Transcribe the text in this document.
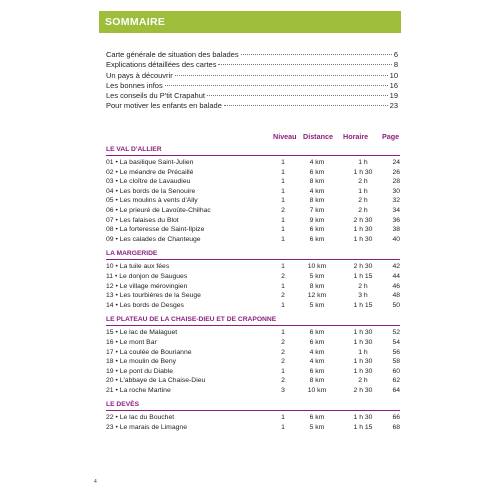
SOMMAIRE
Carte générale de situation des balades	6
Explications détaillées des cartes	8
Un pays à découvrir	10
Les bonnes infos	16
Les conseils du P'tit Crapahut	19
Pour motiver les enfants en balade	23
Niveau Distance Horaire Page
LE VAL D'ALLIER
01 • La basilique Saint-Julien	1	4 km	1 h	24
02 • Le méandre de Précaillé	1	6 km	1 h 30	26
03 • Le cloître de Lavaudieu	1	8 km	2 h	28
04 • Les bords de la Senouire	1	4 km	1 h	30
05 • Les moulins à vents d'Ally	1	8 km	2 h	32
06 • Le prieuré de Lavoûte-Chilhac	2	7 km	2 h	34
07 • Les falaises du Blot	1	9 km	2 h 30	36
08 • La forteresse de Saint-Ilpize	1	6 km	1 h 30	38
09 • Les calades de Chanteuge	1	6 km	1 h 30	40
LA MARGERIDE
10 • La tuile aux fées	1	10 km	2 h 30	42
11 • Le donjon de Saugues	2	5 km	1 h 15	44
12 • Le village mérovingien	1	8 km	2 h	46
13 • Les tourbières de la Seuge	2	12 km	3 h	48
14 • Les bords de Desges	1	5 km	1 h 15	50
LE PLATEAU DE LA CHAISE-DIEU ET DE CRAPONNE
15 • Le lac de Malaguet	1	6 km	1 h 30	52
16 • Le mont Bar	2	6 km	1 h 30	54
17 • La coulée de Bourianne	2	4 km	1 h	56
18 • Le moulin de Beny	2	4 km	1 h 30	58
19 • Le pont du Diable	1	6 km	1 h 30	60
20 • L'abbaye de La Chaise-Dieu	2	8 km	2 h	62
21 • La roche Martine	3	10 km	2 h 30	64
LE DEVÈS
22 • Le lac du Bouchet	1	6 km	1 h 30	66
23 • Le marais de Limagne	1	5 km	1 h 15	68
4
